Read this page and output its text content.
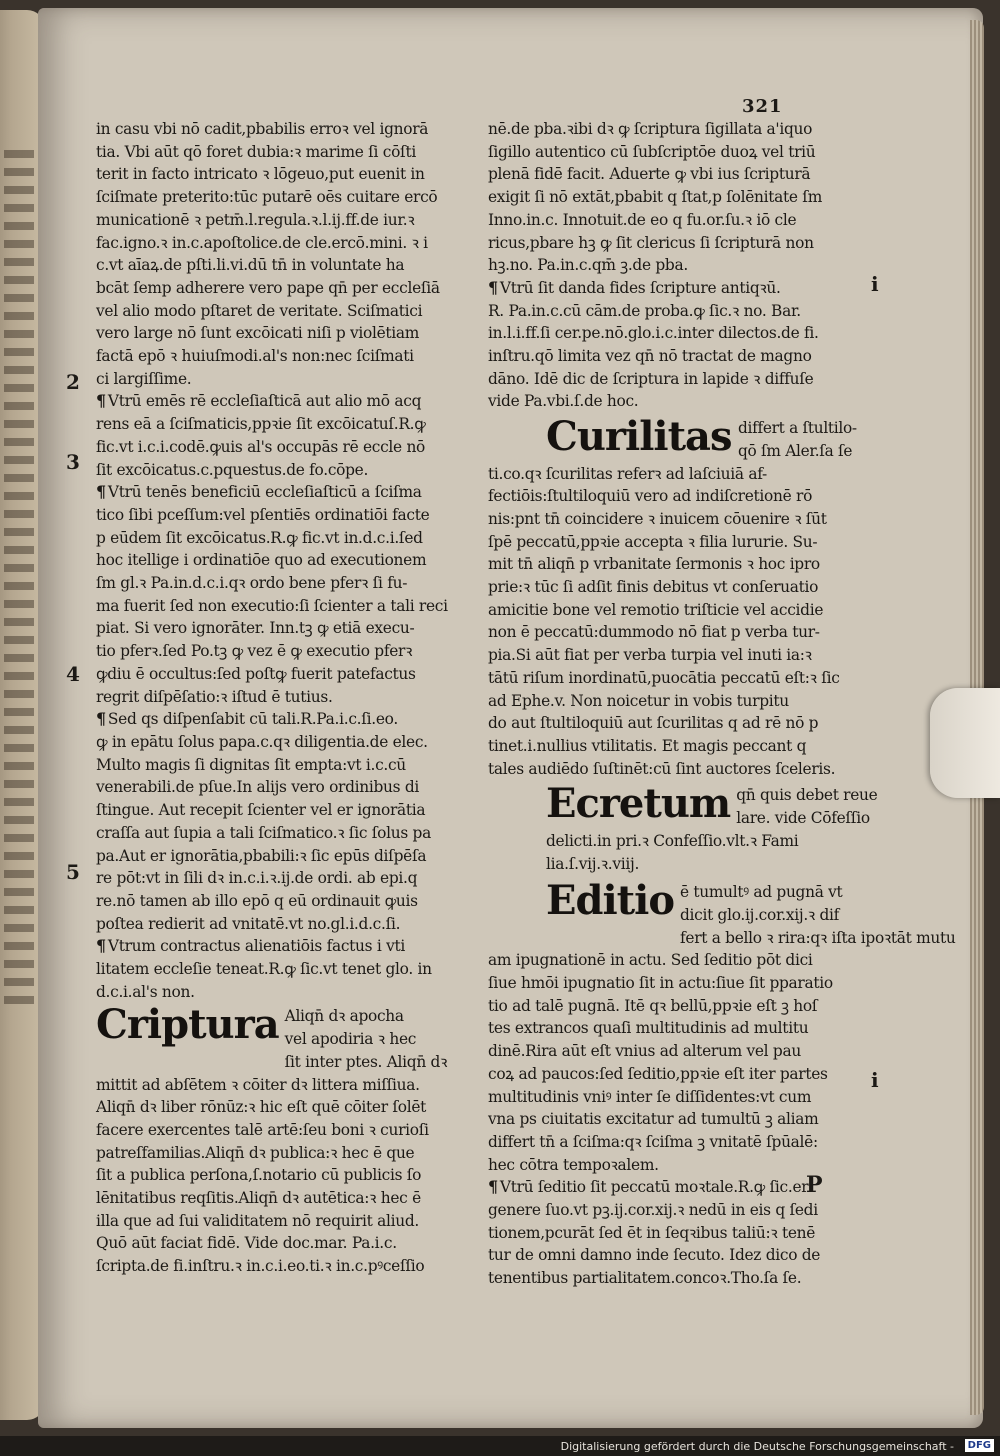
321
2
3
4
5
i
i
in casu vbi nō cadit,pbabilis erroꝛ vel ignorā
tia. Vbi aūt qō foret dubia:ꝛ marime ſi cōſti
terit in facto intricato ꝛ lōgeuo,put euenit in
ſciſmate preterito:tūc putarē oēs cuitare ercō
municationē ꝛ petm̄.l.regula.ꝛ.l.ij.ff.de iur.ꝛ
fac.igno.ꝛ in.c.apoſtolice.de cle.ercō.mini. ꝛ i
c.vt aīaꝝ.de pſti.li.vi.dū tn̄ in voluntate ha
bcāt ſemp adherere vero pape qn̄ per eccleſiā
vel alio modo pſtaret de veritate. Sciſmatici
vero large nō ſunt excōicati niſi p violētiam
factā epō ꝛ huiuſmodi.al's non:nec ſciſmati
ci largiſſime.
¶ Vtrū emēs rē eccleſiaſticā aut alio mō acq
rens eā a ſciſmaticis,ppꝛie ſit excōicatuſ.R.ꝙ
fic.vt i.c.i.codē.ꝙuis al's occupās rē eccle nō
ſit excōicatus.c.pquestus.de fo.cōpe.
¶ Vtrū tenēs beneficiū eccleſiaſticū a ſciſma
tico ſibi pceſſum:vel pſentiēs ordinatiōi facte
p eūdem ſit excōicatus.R.ꝙ fic.vt in.d.c.i.ſed
hoc itellige i ordinatiōe quo ad executionem
ſm gl.ꝛ Pa.in.d.c.i.qꝛ ordo bene pferꝛ ſi fu-
ma fuerit ſed non executio:ſi ſcienter a tali reci
piat. Si vero ignorāter. Inn.tꝫ ꝙ etiā execu-
tio pferꝛ.ſed Po.tꝫ ꝙ vez ē ꝙ executio pferꝛ
ꝙdiu ē occultus:ſed poſtꝙ fuerit patefactus
regrit diſpēſatio:ꝛ iſtud ē tutius.
¶ Sed qs diſpenſabit cū tali.R.Pa.i.c.ſi.eo.
ꝙ in epātu ſolus papa.c.qꝛ diligentia.de elec.
Multo magis ſi dignitas ſit empta:vt i.c.cū
venerabili.de pſue.In alijs vero ordinibus di
ſtingue. Aut recepit ſcienter vel er ignorātia
craſſa aut ſupia a tali ſciſmatico.ꝛ ſic ſolus pa
pa.Aut er ignorātia,pbabili:ꝛ ſic epūs diſpēſa
re pōt:vt in ſili dꝛ in.c.i.ꝛ.ij.de ordi. ab epi.q
re.nō tamen ab illo epō q eū ordinauit ꝙuis
poſtea redierit ad vnitatē.vt no.gl.i.d.c.ſi.
¶ Vtrum contractus alienatiōis factus i vti
litatem eccleſie teneat.R.ꝙ ſic.vt tenet glo. in
d.c.i.al's non.
Criptura Aliqn̄ dꝛ apocha
vel apodiria ꝛ hec
ſit inter ptes. Aliqn̄ dꝛ
mittit ad abſētem ꝛ cōiter dꝛ littera miſſiua.
Aliqn̄ dꝛ liber rōnūz:ꝛ hic eſt quē cōiter ſolēt
facere exercentes talē artē:ſeu boni ꝛ curioſi
patreſfamilias.Aliqn̄ dꝛ publica:ꝛ hec ē que
ſit a publica perſona,ſ.notario cū publicis ſo
lēnitatibus reqſitis.Aliqn̄ dꝛ autētica:ꝛ hec ē
illa que ad ſui validitatem nō requirit aliud.
Quō aūt faciat fidē. Vide doc.mar. Pa.i.c.
ſcripta.de fi.inſtru.ꝛ in.c.i.eo.ti.ꝛ in.c.pꝰceſſio
nē.de pba.ꝛibi dꝛ ꝙ ſcriptura ſigillata a'iquo
ſigillo autentico cū ſubſcriptōe duoꝝ vel triū
plenā fidē facit. Aduerte ꝙ vbi ius ſcripturā
exigit ſi nō extāt,pbabit q ſtat,p ſolēnitate ſm
Inno.in.c. Innotuit.de eo q fu.or.ſu.ꝛ iō cle
ricus,pbare hꝫ ꝙ ſit clericus ſi ſcripturā non
hꝫ.no. Pa.in.c.qm̄ ꝫ.de pba.
¶ Vtrū ſit danda fides ſcripture antiqꝛū.
R. Pa.in.c.cū cām.de proba.ꝙ ſic.ꝛ no. Bar.
in.l.i.ff.ſi cer.pe.nō.glo.i.c.inter dilectos.de fi.
inſtru.qō limita vez qn̄ nō tractat de magno
dāno. Idē dic de ſcriptura in lapide ꝛ diffuſe
vide Pa.vbi.ſ.de hoc.
Curilitas differt a ſtultilo-
qō ſm Aler.ſa ſe
ti.co.qꝛ ſcurilitas referꝛ ad laſciuiā af-
fectiōis:ſtultiloquiū vero ad indiſcretionē rō
nis:pnt tn̄ coincidere ꝛ inuicem cōuenire ꝛ ſūt
ſpē peccatū,ppꝛie accepta ꝛ filia lururie. Su-
mit tn̄ aliqn̄ p vrbanitate ſermonis ꝛ hoc ipro
prie:ꝛ tūc ſi adſit finis debitus vt conſeruatio
amicitie bone vel remotio triſticie vel accidie
non ē peccatū:dummodo nō fiat p verba tur-
pia.Si aūt fiat per verba turpia vel inuti ia:ꝛ
tātū riſum inordinatū,puocātia peccatū eſt:ꝛ ſic
ad Ephe.v. Non noicetur in vobis turpitu
do aut ſtultiloquiū aut ſcurilitas q ad rē nō p
tinet.i.nullius vtilitatis. Et magis peccant q
tales audiēdo ſuſtinēt:cū ſint auctores ſceleris.
Ecretum qn̄ quis debet reue
lare. vide Cōfeſſio
delicti.in pri.ꝛ Confeſſio.vlt.ꝛ Fami
lia.ſ.vij.ꝛ.viij.
Editio ē tumultꝰ ad pugnā vt
dicit glo.ij.cor.xij.ꝛ dif
fert a bello ꝛ rira:qꝛ iſta ipoꝛtāt mutu
am ipugnationē in actu. Sed ſeditio pōt dici
ſiue hmōi ipugnatio ſit in actu:ſiue ſit pparatio
tio ad talē pugnā. Itē qꝛ bellū,ppꝛie eſt ꝫ hoſ
tes extrancos quaſi multitudinis ad multitu
dinē.Rira aūt eſt vnius ad alterum vel pau
coꝝ ad paucos:ſed ſeditio,ppꝛie eſt iter partes
multitudinis vniꝰ inter ſe diſſidentes:vt cum
vna ps ciuitatis excitatur ad tumultū ꝫ aliam
differt tn̄ a ſciſma:qꝛ ſciſma ꝫ vnitatē ſpūalē:
hec cōtra tempoꝛalem.
¶ Vtrū ſeditio ſit peccatū moꝛtale.R.ꝙ ſic.er
genere ſuo.vt pꝫ.ij.cor.xij.ꝛ nedū in eis q ſedi
tionem,pcurāt ſed ēt in ſeqꝛibus taliū:ꝛ tenē
tur de omni damno inde ſecuto. Idez dico de
tenentibus partialitatem.concoꝛ.Tho.ſa ſe.
P
Digitalisierung gefördert durch die Deutsche Forschungsgemeinschaft -	DFG
